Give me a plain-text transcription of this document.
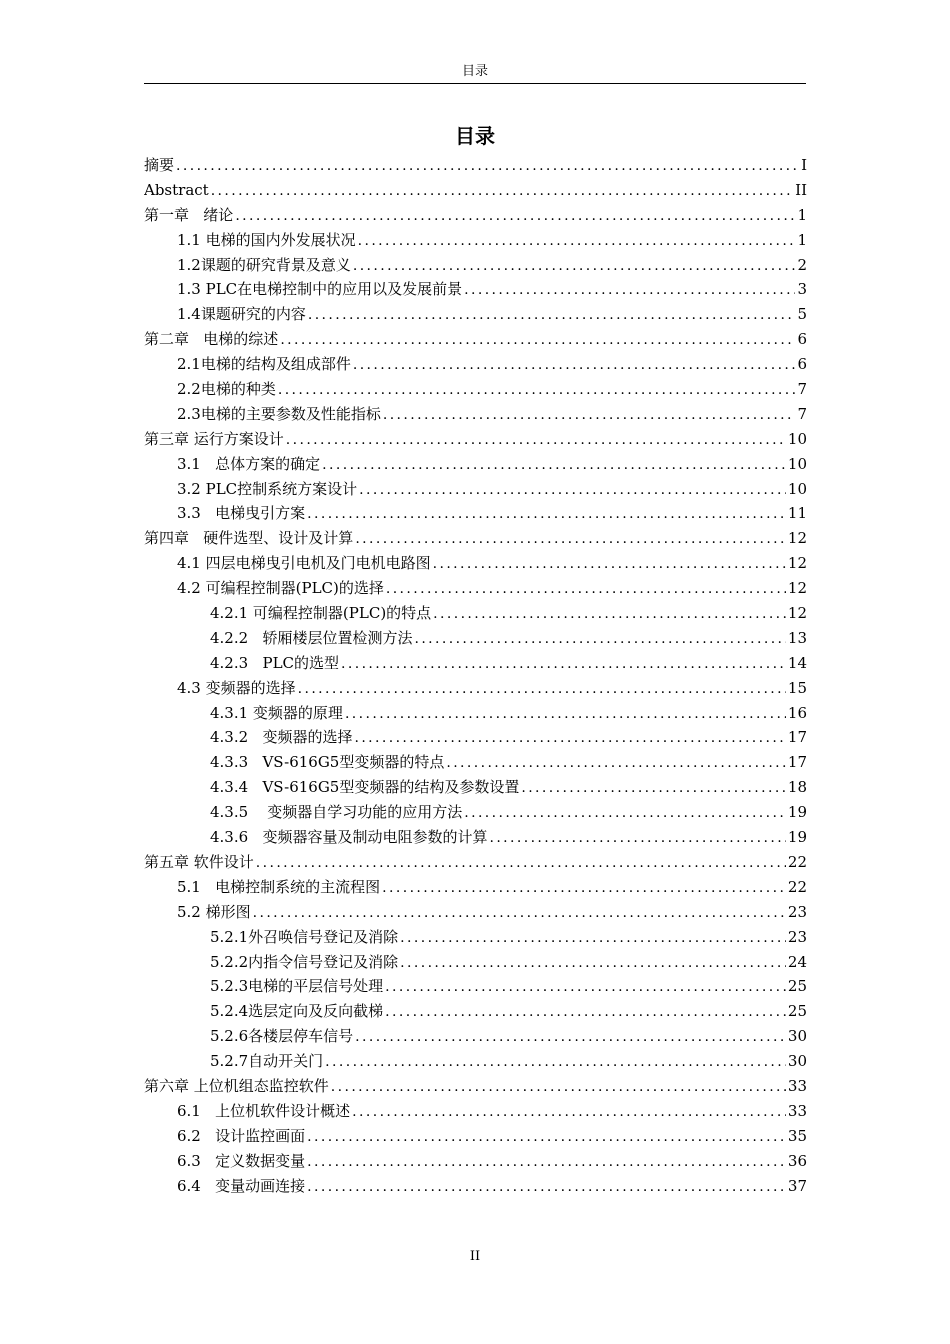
目录
目录
摘要 .....	I
Abstract .....	II
第一章   绪论 .....	1
1.1 电梯的国内外发展状况 .....	1
1.2课题的研究背景及意义 .....	2
1.3 PLC在电梯控制中的应用以及发展前景 .....	3
1.4课题研究的内容 .....	5
第二章   电梯的综述 .....	6
2.1电梯的结构及组成部件 .....	6
2.2电梯的种类 .....	7
2.3电梯的主要参数及性能指标 .....	7
第三章 运行方案设计 .....	10
3.1   总体方案的确定 .....	10
3.2 PLC控制系统方案设计 .....	10
3.3   电梯曳引方案 .....	11
第四章   硬件选型、设计及计算 .....	12
4.1 四层电梯曳引电机及门电机电路图 .....	12
4.2 可编程控制器(PLC)的选择 .....	12
4.2.1 可编程控制器(PLC)的特点 .....	12
4.2.2   轿厢楼层位置检测方法 .....	13
4.2.3   PLC的选型 .....	14
4.3 变频器的选择 .....	15
4.3.1 变频器的原理 .....	16
4.3.2   变频器的选择 .....	17
4.3.3   VS-616G5型变频器的特点 .....	17
4.3.4   VS-616G5型变频器的结构及参数设置 .....	18
4.3.5    变频器自学习功能的应用方法 .....	19
4.3.6   变频器容量及制动电阻参数的计算 .....	19
第五章 软件设计 .....	22
5.1   电梯控制系统的主流程图 .....	22
5.2 梯形图 .....	23
5.2.1外召唤信号登记及消除 .....	23
5.2.2内指令信号登记及消除 .....	24
5.2.3电梯的平层信号处理 .....	25
5.2.4选层定向及反向截梯 .....	25
5.2.6各楼层停车信号 .....	30
5.2.7自动开关门 .....	30
第六章 上位机组态监控软件 .....	33
6.1   上位机软件设计概述 .....	33
6.2   设计监控画面 .....	35
6.3   定义数据变量 .....	36
6.4   变量动画连接 .....	37
II
